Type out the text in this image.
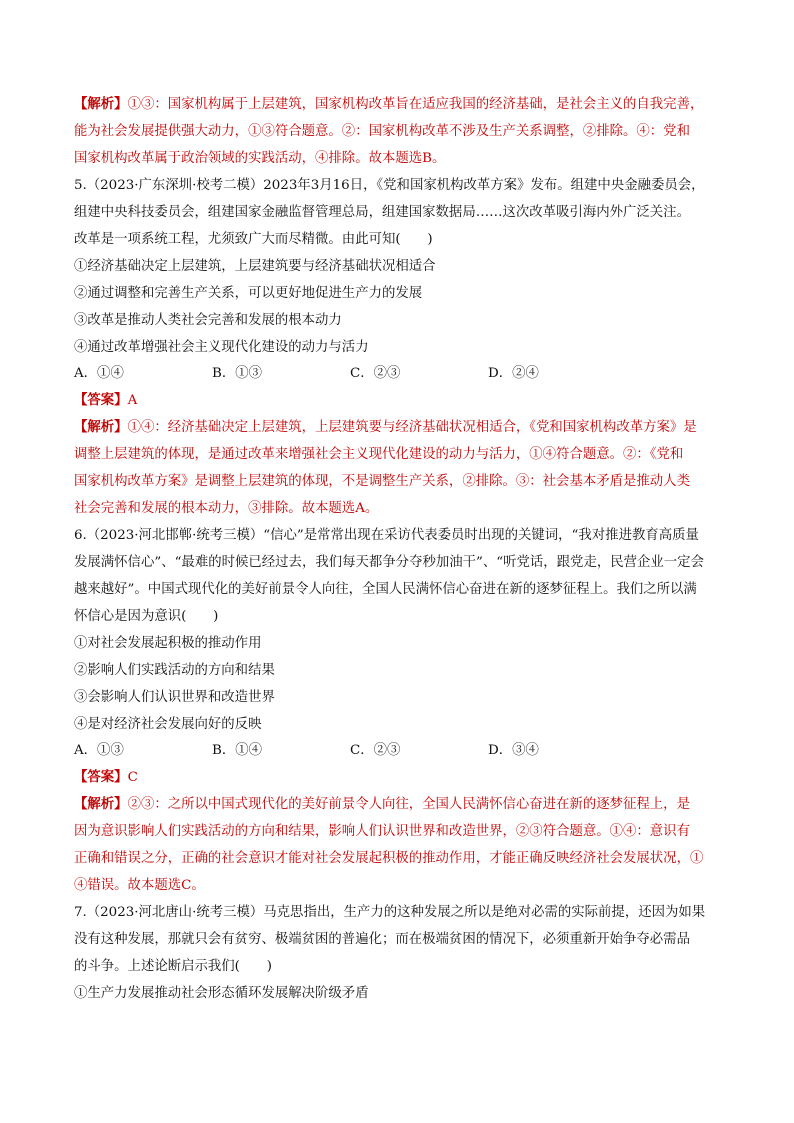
【解析】①③：国家机构属于上层建筑，国家机构改革旨在适应我国的经济基础，是社会主义的自我完善，

能为社会发展提供强大动力，①③符合题意。②：国家机构改革不涉及生产关系调整，②排除。④：党和

国家机构改革属于政治领域的实践活动，④排除。故本题选B。

5.（2023·广东深圳·校考二模）2023年3月16日，《党和国家机构改革方案》发布。组建中央金融委员会，

组建中央科技委员会，组建国家金融监督管理总局，组建国家数据局……这次改革吸引海内外广泛关注。

改革是一项系统工程，尤须致广大而尽精微。由此可知(　　)

①经济基础决定上层建筑，上层建筑要与经济基础状况相适合

②通过调整和完善生产关系，可以更好地促进生产力的发展

③改革是推动人类社会完善和发展的根本动力

④通过改革增强社会主义现代化建设的动力与活力

A．①④	B．①③	C．②③	D．②④

【答案】A

【解析】①④：经济基础决定上层建筑，上层建筑要与经济基础状况相适合，《党和国家机构改革方案》是

调整上层建筑的体现，是通过改革来增强社会主义现代化建设的动力与活力，①④符合题意。②：《党和

国家机构改革方案》是调整上层建筑的体现，不是调整生产关系，②排除。③：社会基本矛盾是推动人类

社会完善和发展的根本动力，③排除。故本题选A。

6.（2023·河北邯郸·统考三模）“信心”是常常出现在采访代表委员时出现的关键词，“我对推进教育高质量

发展满怀信心”、“最难的时候已经过去，我们每天都争分夺秒加油干”、“听党话，跟党走，民营企业一定会

越来越好”。中国式现代化的美好前景令人向往，全国人民满怀信心奋进在新的逐梦征程上。我们之所以满

怀信心是因为意识(　　)

①对社会发展起积极的推动作用

②影响人们实践活动的方向和结果

③会影响人们认识世界和改造世界

④是对经济社会发展向好的反映

A．①③	B．①④	C．②③	D．③④

【答案】C

【解析】②③：之所以中国式现代化的美好前景令人向往，全国人民满怀信心奋进在新的逐梦征程上，是

因为意识影响人们实践活动的方向和结果，影响人们认识世界和改造世界，②③符合题意。①④：意识有

正确和错误之分，正确的社会意识才能对社会发展起积极的推动作用，才能正确反映经济社会发展状况，①

④错误。故本题选C。

7.（2023·河北唐山·统考三模）马克思指出，生产力的这种发展之所以是绝对必需的实际前提，还因为如果

没有这种发展，那就只会有贫穷、极端贫困的普遍化；而在极端贫困的情况下，必须重新开始争夺必需品

的斗争。上述论断启示我们(　　)

①生产力发展推动社会形态循环发展解决阶级矛盾
